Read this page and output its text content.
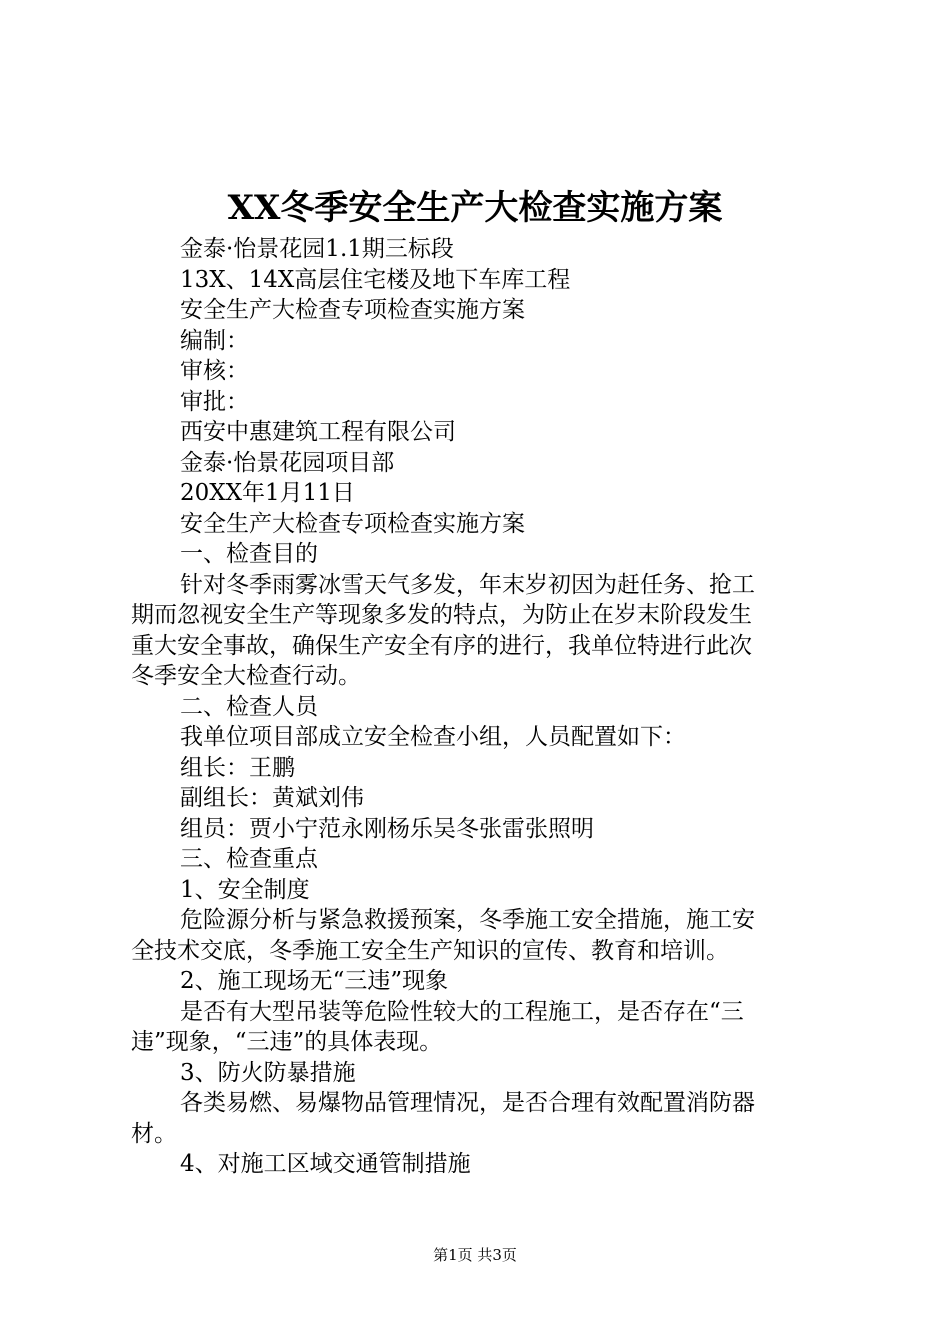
XX冬季安全生产大检查实施方案
金泰·怡景花园1.1期三标段
13X、14X高层住宅楼及地下车库工程
安全生产大检查专项检查实施方案
编制：
审核：
审批：
西安中惠建筑工程有限公司
金泰·怡景花园项目部
20XX年1月11日
安全生产大检查专项检查实施方案
一、检查目的
针对冬季雨雾冰雪天气多发，年末岁初因为赶任务、抢工
期而忽视安全生产等现象多发的特点，为防止在岁末阶段发生
重大安全事故，确保生产安全有序的进行，我单位特进行此次
冬季安全大检查行动。
二、检查人员
我单位项目部成立安全检查小组，人员配置如下：
组长：王鹏
副组长：黄斌刘伟
组员：贾小宁范永刚杨乐吴冬张雷张照明
三、检查重点
1、安全制度
危险源分析与紧急救援预案，冬季施工安全措施，施工安
全技术交底，冬季施工安全生产知识的宣传、教育和培训。
2、施工现场无“三违”现象
是否有大型吊装等危险性较大的工程施工，是否存在“三
违”现象，“三违”的具体表现。
3、防火防暴措施
各类易燃、易爆物品管理情况，是否合理有效配置消防器
材。
4、对施工区域交通管制措施
第1页 共3页
